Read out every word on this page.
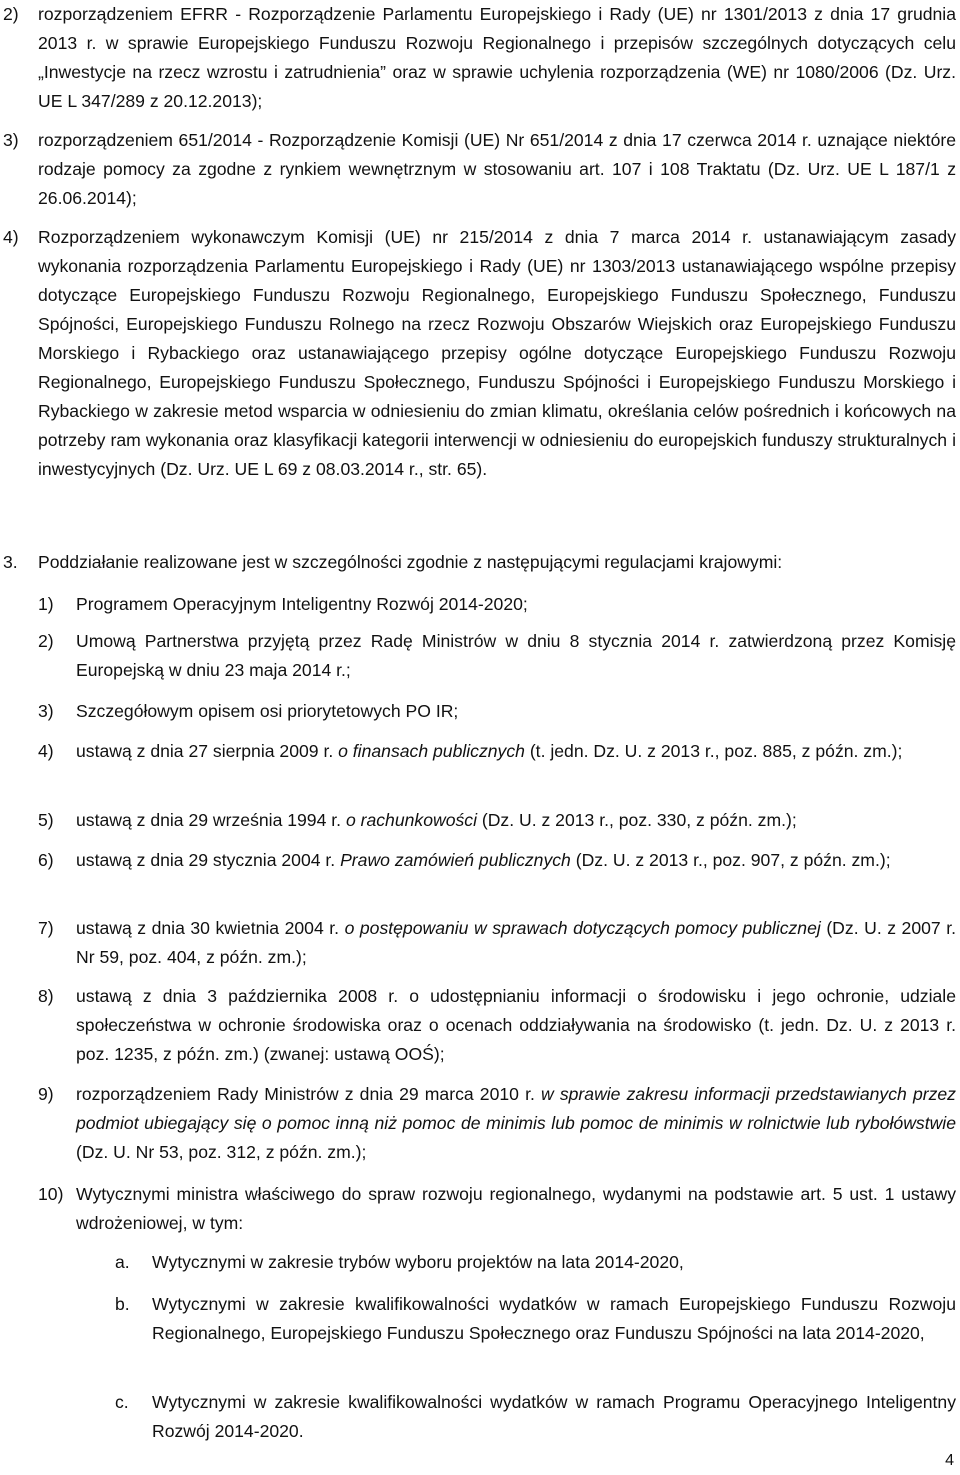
2) rozporządzeniem EFRR - Rozporządzenie Parlamentu Europejskiego i Rady (UE) nr 1301/2013 z dnia 17 grudnia 2013 r. w sprawie Europejskiego Funduszu Rozwoju Regionalnego i przepisów szczególnych dotyczących celu „Inwestycje na rzecz wzrostu i zatrudnienia” oraz w sprawie uchylenia rozporządzenia (WE) nr 1080/2006 (Dz. Urz. UE L 347/289 z 20.12.2013);
3) rozporządzeniem 651/2014 - Rozporządzenie Komisji (UE) Nr 651/2014 z dnia 17 czerwca 2014 r. uznające niektóre rodzaje pomocy za zgodne z rynkiem wewnętrznym w stosowaniu art. 107 i 108 Traktatu (Dz. Urz. UE L 187/1 z 26.06.2014);
4) Rozporządzeniem wykonawczym Komisji (UE) nr 215/2014 z dnia 7 marca 2014 r. ustanawiającym zasady wykonania rozporządzenia Parlamentu Europejskiego i Rady (UE) nr 1303/2013 ustanawiającego wspólne przepisy dotyczące Europejskiego Funduszu Rozwoju Regionalnego, Europejskiego Funduszu Społecznego, Funduszu Spójności, Europejskiego Funduszu Rolnego na rzecz Rozwoju Obszarów Wiejskich oraz Europejskiego Funduszu Morskiego i Rybackiego oraz ustanawiającego przepisy ogólne dotyczące Europejskiego Funduszu Rozwoju Regionalnego, Europejskiego Funduszu Społecznego, Funduszu Spójności i Europejskiego Funduszu Morskiego i Rybackiego w zakresie metod wsparcia w odniesieniu do zmian klimatu, określania celów pośrednich i końcowych na potrzeby ram wykonania oraz klasyfikacji kategorii interwencji w odniesieniu do europejskich funduszy strukturalnych i inwestycyjnych (Dz. Urz. UE L 69 z 08.03.2014 r., str. 65).
3. Poddziałanie realizowane jest w szczególności zgodnie z następującymi regulacjami krajowymi:
1) Programem Operacyjnym Inteligentny Rozwój 2014-2020;
2) Umową Partnerstwa przyjętą przez Radę Ministrów w dniu 8 stycznia 2014 r. zatwierdzoną przez Komisję Europejską w dniu 23 maja 2014 r.;
3) Szczegółowym opisem osi priorytetowych PO IR;
4) ustawą z dnia 27 sierpnia 2009 r. o finansach publicznych (t. jedn. Dz. U. z 2013 r., poz. 885, z późn. zm.);
5) ustawą z dnia 29 września 1994 r. o rachunkowości (Dz. U. z 2013 r., poz. 330, z późn. zm.);
6) ustawą z dnia 29 stycznia 2004 r. Prawo zamówień publicznych (Dz. U. z 2013 r., poz. 907, z późn. zm.);
7) ustawą z dnia 30 kwietnia 2004 r. o postępowaniu w sprawach dotyczących pomocy publicznej (Dz. U. z 2007 r. Nr 59, poz. 404, z późn. zm.);
8) ustawą z dnia 3 października 2008 r. o udostępnianiu informacji o środowisku i jego ochronie, udziale społeczeństwa w ochronie środowiska oraz o ocenach oddziaływania na środowisko (t. jedn. Dz. U. z 2013 r. poz. 1235, z późn. zm.) (zwanej: ustawą OOŚ);
9) rozporządzeniem Rady Ministrów z dnia 29 marca 2010 r. w sprawie zakresu informacji przedstawianych przez podmiot ubiegający się o pomoc inną niż pomoc de minimis lub pomoc de minimis w rolnictwie lub rybołówstwie (Dz. U. Nr 53, poz. 312, z późn. zm.);
10) Wytycznymi ministra właściwego do spraw rozwoju regionalnego, wydanymi na podstawie art. 5 ust. 1 ustawy wdrożeniowej, w tym:
a. Wytycznymi w zakresie trybów wyboru projektów na lata 2014-2020,
b. Wytycznymi w zakresie kwalifikowalności wydatków w ramach Europejskiego Funduszu Rozwoju Regionalnego, Europejskiego Funduszu Społecznego oraz Funduszu Spójności na lata 2014-2020,
c. Wytycznymi w zakresie kwalifikowalności wydatków w ramach Programu Operacyjnego Inteligentny Rozwój 2014-2020.
4
